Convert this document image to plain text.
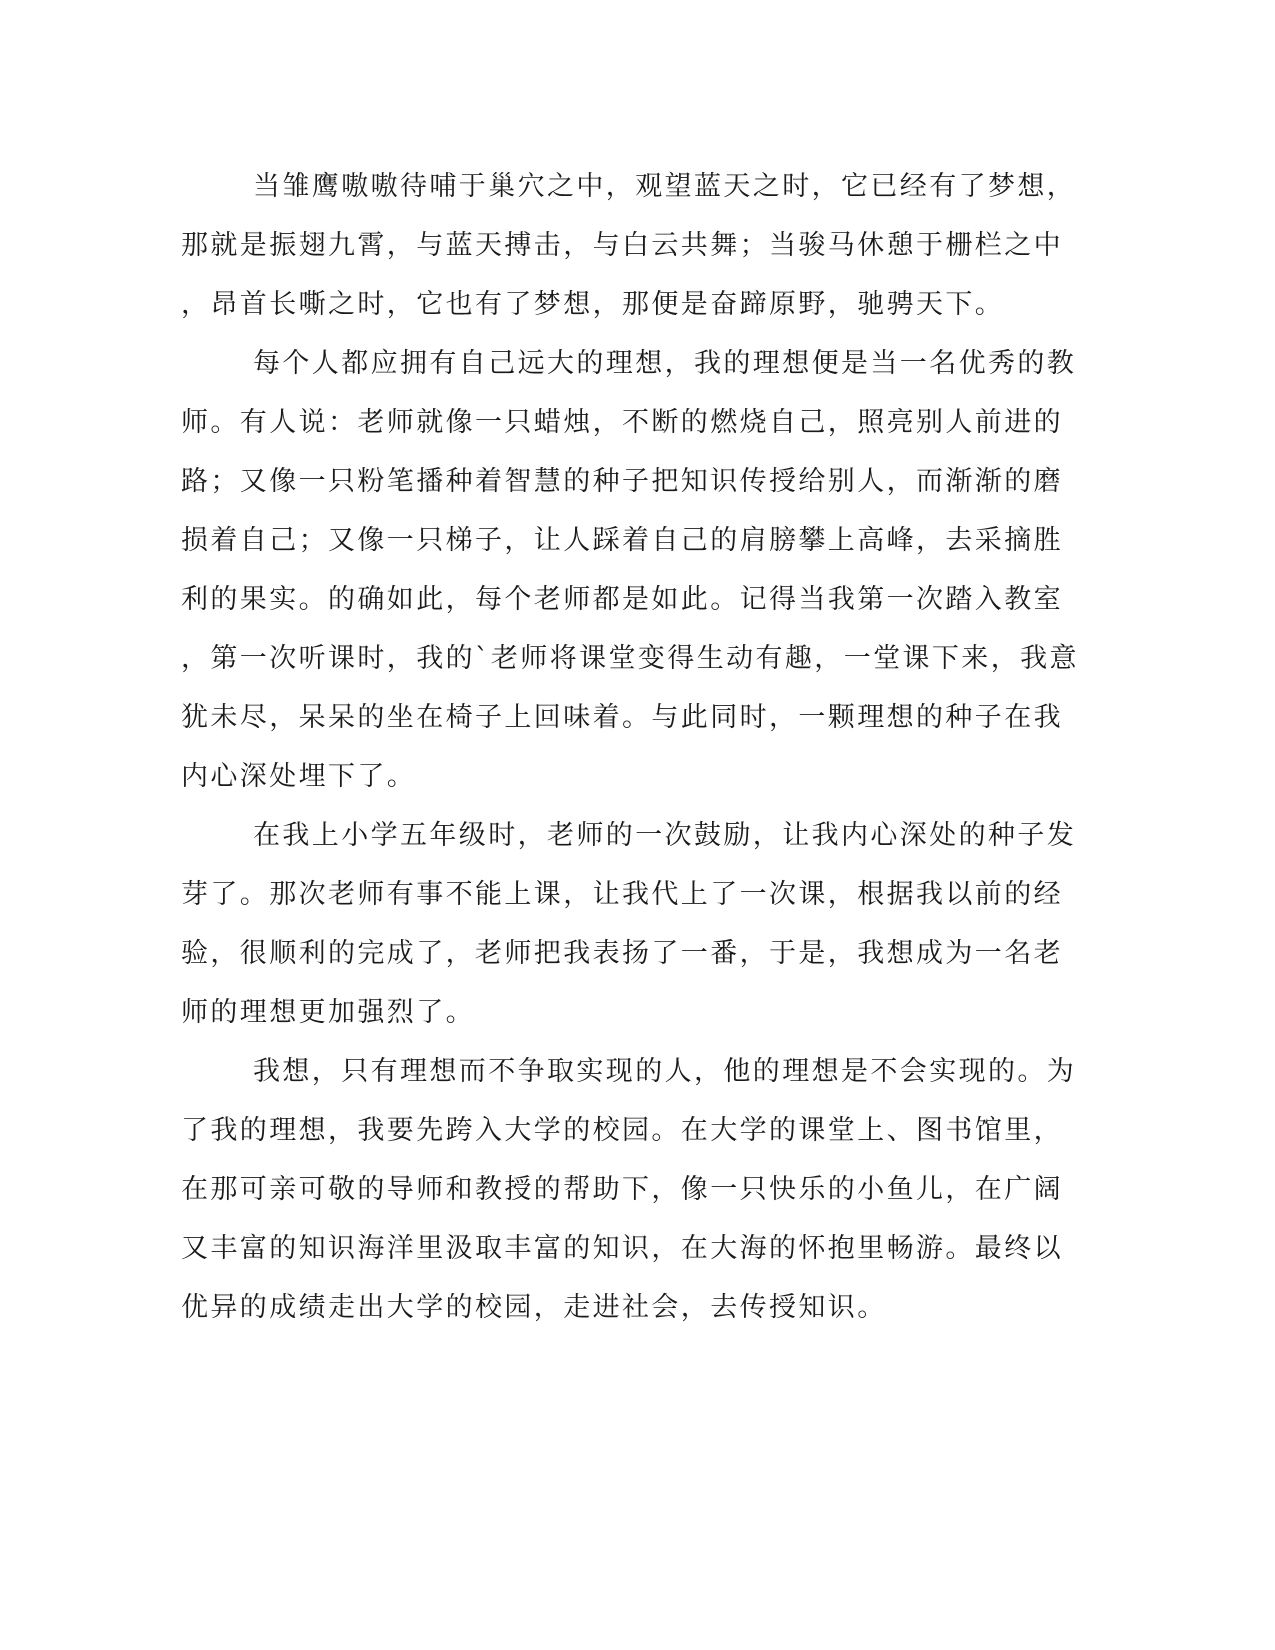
当雏鹰嗷嗷待哺于巢穴之中，观望蓝天之时，它已经有了梦想，
那就是振翅九霄，与蓝天搏击，与白云共舞；当骏马休憩于栅栏之中
，昂首长嘶之时，它也有了梦想，那便是奋蹄原野，驰骋天下。
每个人都应拥有自己远大的理想，我的理想便是当一名优秀的教
师。有人说：老师就像一只蜡烛，不断的燃烧自己，照亮别人前进的
路；又像一只粉笔播种着智慧的种子把知识传授给别人，而渐渐的磨
损着自己；又像一只梯子，让人踩着自己的肩膀攀上高峰，去采摘胜
利的果实。的确如此，每个老师都是如此。记得当我第一次踏入教室
，第一次听课时，我的`老师将课堂变得生动有趣，一堂课下来，我意
犹未尽，呆呆的坐在椅子上回味着。与此同时，一颗理想的种子在我
内心深处埋下了。
在我上小学五年级时，老师的一次鼓励，让我内心深处的种子发
芽了。那次老师有事不能上课，让我代上了一次课，根据我以前的经
验，很顺利的完成了，老师把我表扬了一番，于是，我想成为一名老
师的理想更加强烈了。
我想，只有理想而不争取实现的人，他的理想是不会实现的。为
了我的理想，我要先跨入大学的校园。在大学的课堂上、图书馆里，
在那可亲可敬的导师和教授的帮助下，像一只快乐的小鱼儿，在广阔
又丰富的知识海洋里汲取丰富的知识，在大海的怀抱里畅游。最终以
优异的成绩走出大学的校园，走进社会，去传授知识。
